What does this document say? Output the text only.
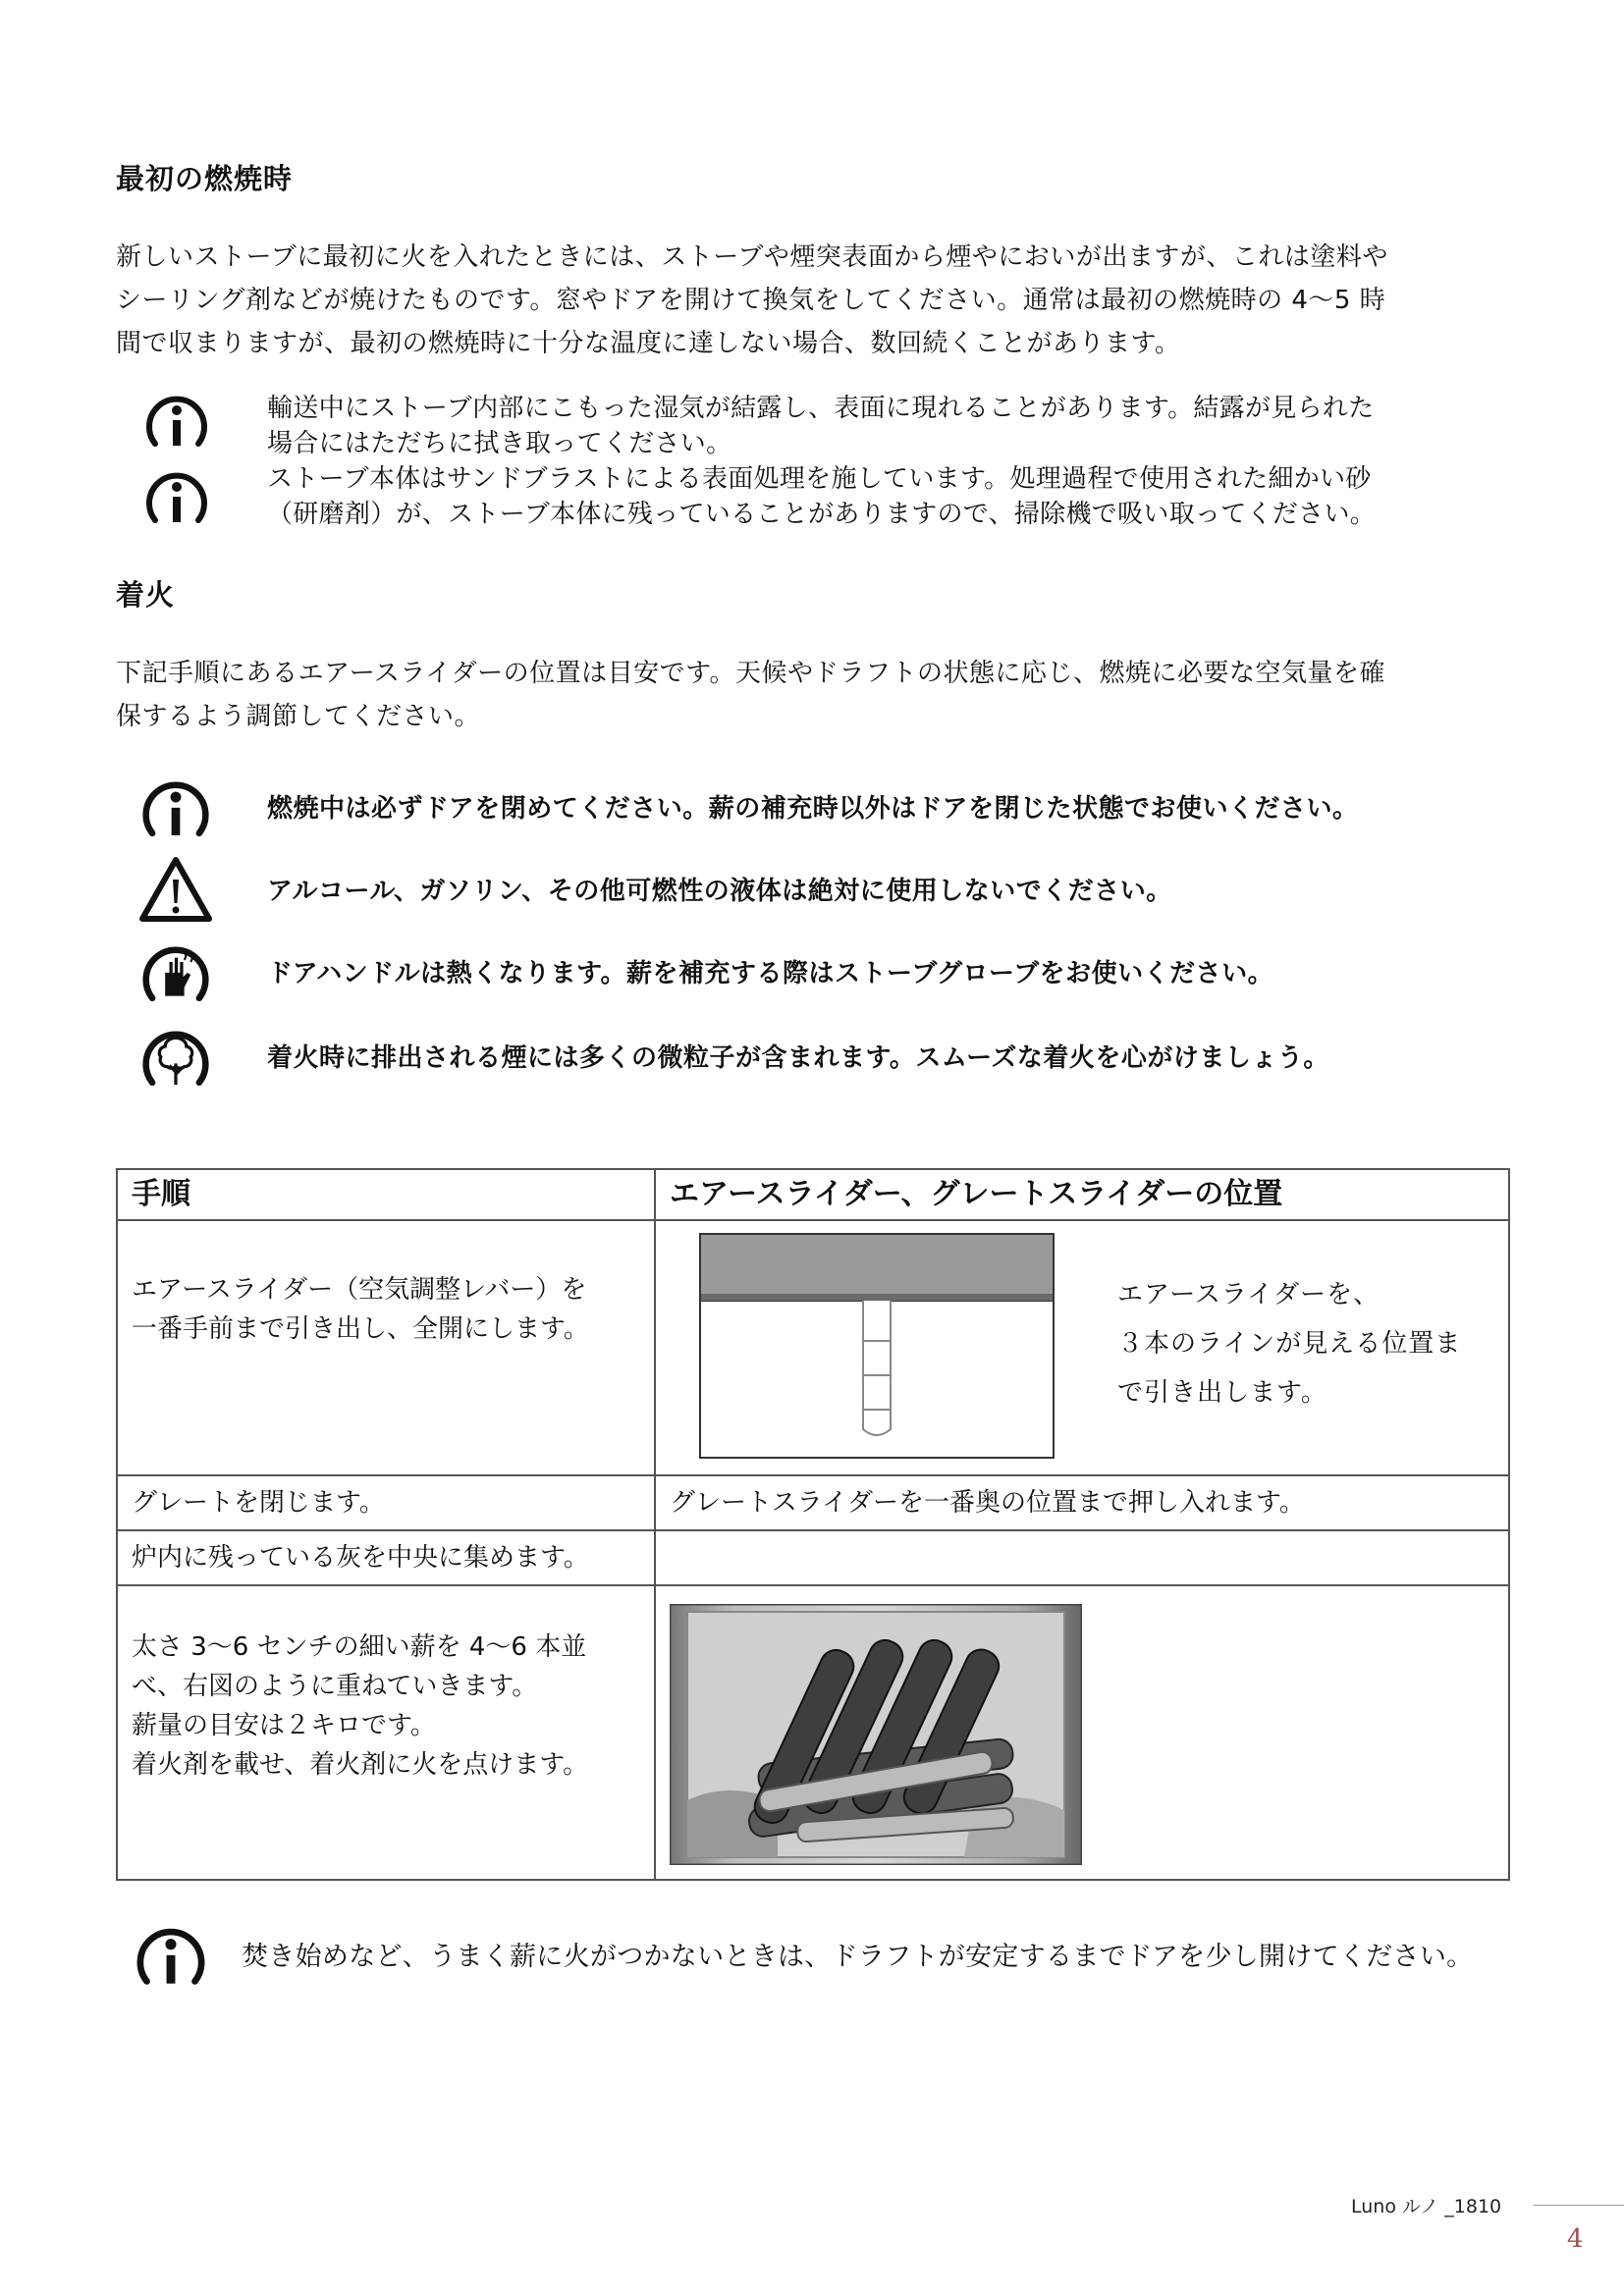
最初の燃焼時

新しいストーブに最初に火を入れたときには、ストーブや煙突表面から煙やにおいが出ますが、これは塗料や
シーリング剤などが焼けたものです。窓やドアを開けて換気をしてください。通常は最初の燃焼時の 4～5 時
間で収まりますが、最初の燃焼時に十分な温度に達しない場合、数回続くことがあります。

輸送中にストーブ内部にこもった湿気が結露し、表面に現れることがあります。結露が見られた
場合にはただちに拭き取ってください。

ストーブ本体はサンドブラストによる表面処理を施しています。処理過程で使用された細かい砂
（研磨剤）が、ストーブ本体に残っていることがありますので、掃除機で吸い取ってください。

着火

下記手順にあるエアースライダーの位置は目安です。天候やドラフトの状態に応じ、燃焼に必要な空気量を確
保するよう調節してください。

燃焼中は必ずドアを閉めてください。薪の補充時以外はドアを閉じた状態でお使いください。

アルコール、ガソリン、その他可燃性の液体は絶対に使用しないでください。

ドアハンドルは熱くなります。薪を補充する際はストーブグローブをお使いください。

着火時に排出される煙には多くの微粒子が含まれます。スムーズな着火を心がけましょう。

手順	エアースライダー、グレートスライダーの位置

エアースライダー（空気調整レバー）を
一番手前まで引き出し、全開にします。	エアースライダーを、
３本のラインが見える位置ま
で引き出します。

グレートを閉じます。	グレートスライダーを一番奥の位置まで押し入れます。
炉内に残っている灰を中央に集めます。	

太さ 3～6 センチの細い薪を 4～6 本並
べ、右図のように重ねていきます。
薪量の目安は２キロです。
着火剤を載せ、着火剤に火を点けます。

焚き始めなど、うまく薪に火がつかないときは、ドラフトが安定するまでドアを少し開けてください。

Luno ルノ _1810
4
